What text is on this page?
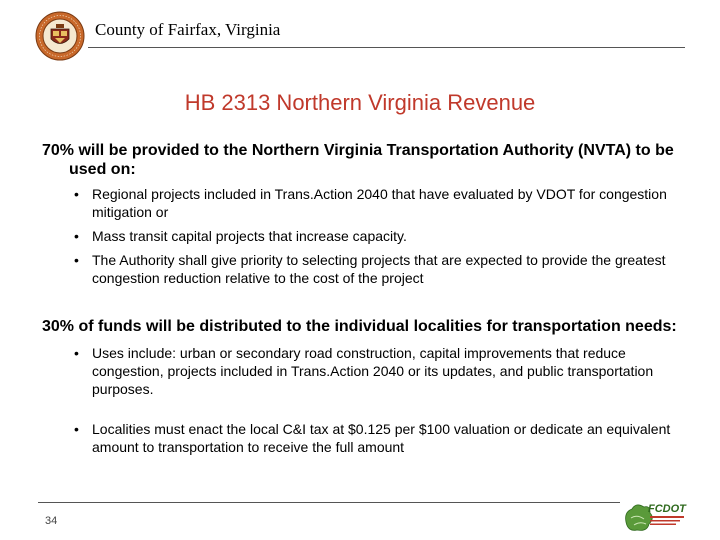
County of Fairfax, Virginia
HB 2313 Northern Virginia Revenue
70% will be provided to the Northern Virginia Transportation Authority (NVTA) to be used on:
• Regional projects included in Trans.Action 2040 that have evaluated by VDOT for congestion mitigation or
• Mass transit capital projects that increase capacity.
• The Authority shall give priority to selecting projects that are expected to provide the greatest congestion reduction relative to the cost of the project
30% of funds will be distributed to the individual localities for transportation needs:
• Uses include: urban or secondary road construction, capital improvements that reduce congestion, projects included in Trans.Action 2040 or its updates, and public transportation purposes.
• Localities must enact the local C&I tax at $0.125 per $100 valuation or dedicate an equivalent amount to transportation to receive the full amount
34
FCDOT
